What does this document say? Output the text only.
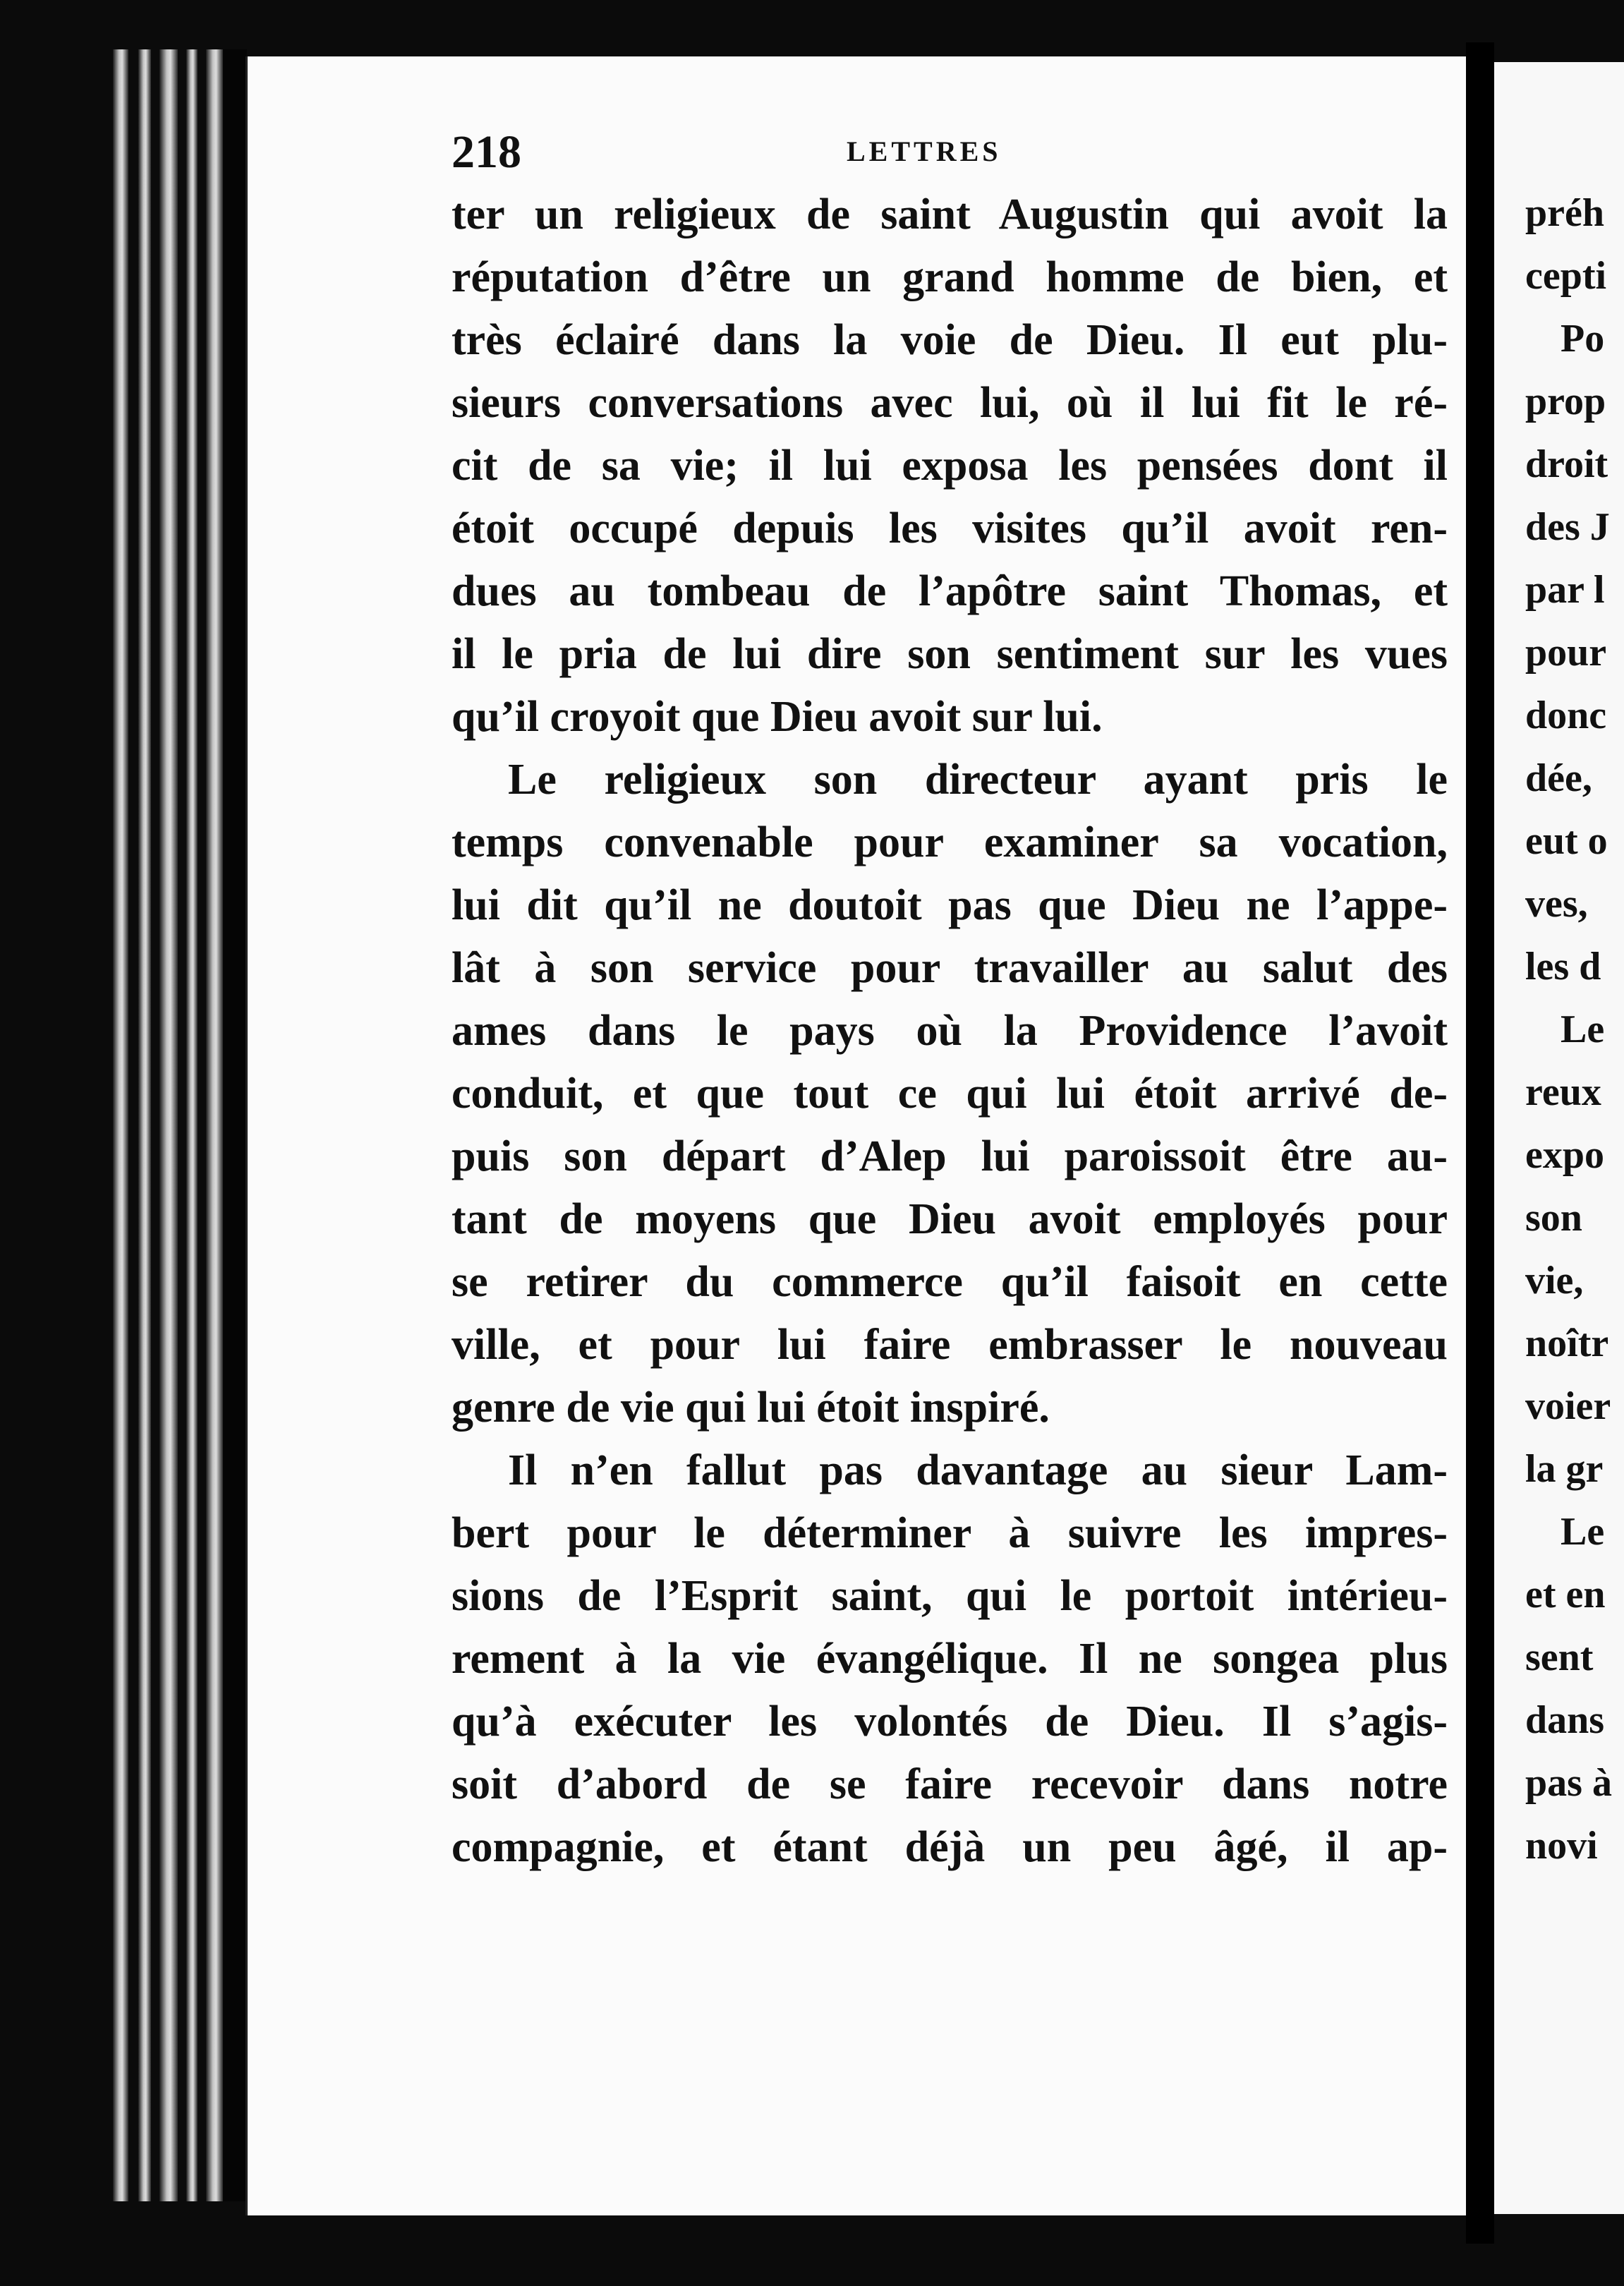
218	LETTRES
ter un religieux de saint Augustin qui avoit la
réputation d’être un grand homme de bien, et
très éclairé dans la voie de Dieu. Il eut plu-
sieurs conversations avec lui, où il lui fit le ré-
cit de sa vie; il lui exposa les pensées dont il
étoit occupé depuis les visites qu’il avoit ren-
dues au tombeau de l’apôtre saint Thomas, et
il le pria de lui dire son sentiment sur les vues
qu’il croyoit que Dieu avoit sur lui.
Le religieux son directeur ayant pris le
temps convenable pour examiner sa vocation,
lui dit qu’il ne doutoit pas que Dieu ne l’appe-
lât à son service pour travailler au salut des
ames dans le pays où la Providence l’avoit
conduit, et que tout ce qui lui étoit arrivé de-
puis son départ d’Alep lui paroissoit être au-
tant de moyens que Dieu avoit employés pour
se retirer du commerce qu’il faisoit en cette
ville, et pour lui faire embrasser le nouveau
genre de vie qui lui étoit inspiré.
Il n’en fallut pas davantage au sieur Lam-
bert pour le déterminer à suivre les impres-
sions de l’Esprit saint, qui le portoit intérieu-
rement à la vie évangélique. Il ne songea plus
qu’à exécuter les volontés de Dieu. Il s’agis-
soit d’abord de se faire recevoir dans notre
compagnie, et étant déjà un peu âgé, il ap-
préh
cepti
Po
prop
droit
des J
par l
pour
donc
dée,
eut o
ves,
les d
Le
reux
expo
son
vie,
noîtr
voier
la gr
Le
et en
sent
dans
pas à
novi
